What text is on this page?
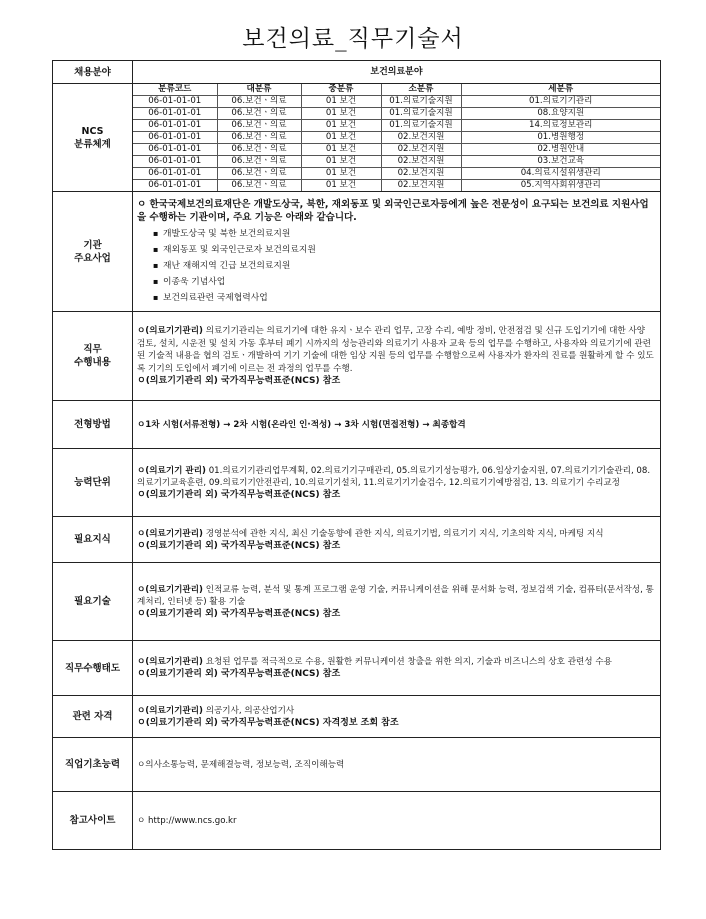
보건의료_직무기술서
채용분야	보건의료분야
NCS
분류체계	
분류코드	대분류	중분류	소분류	세분류
06-01-01-01	06.보건ㆍ의료	01 보건	01.의료기술지원	01.의료기기관리
06-01-01-01	06.보건ㆍ의료	01 보건	01.의료기술지원	08.요양지원
06-01-01-01	06.보건ㆍ의료	01 보건	01.의료기술지원	14.의료정보관리
06-01-01-01	06.보건ㆍ의료	01 보건	02.보건지원	01.병원행정
06-01-01-01	06.보건ㆍ의료	01 보건	02.보건지원	02.병원안내
06-01-01-01	06.보건ㆍ의료	01 보건	02.보건지원	03.보건교육
06-01-01-01	06.보건ㆍ의료	01 보건	02.보건지원	04.의료시설위생관리
06-01-01-01	06.보건ㆍ의료	01 보건	02.보건지원	05.지역사회위생관리

기관
주요사업

ㅇ 한국국제보건의료재단은 개발도상국, 북한, 재외동포 및 외국인근로자등에게 높은 전문성이 요구되는 보건의료 지원사업을 수행하는 기관이며, 주요 기능은 아래와 같습니다.
▪ 개발도상국 및 북한 보건의료지원
▪ 재외동포 및 외국인근로자 보건의료지원
▪ 재난 재해지역 긴급 보건의료지원
▪ 이종욱 기념사업
▪ 보건의료관련 국제협력사업

직무
수행내용

ㅇ(의료기기관리) 의료기기관리는 의료기기에 대한 유지ㆍ보수 관리 업무, 고장 수리, 예방 정비, 안전점검 및 신규 도입기기에 대한 사양 검토, 설치, 시운전 및 설치 가동 후부터 폐기 시까지의 성능관리와 의료기기 사용자 교육 등의 업무를 수행하고, 사용자와 의료기기에 관련된 기술적 내용을 협의 검토ㆍ개발하여 기기 기술에 대한 임상 지원 등의 업무를 수행함으로써 사용자가 환자의 진료를 원활하게 할 수 있도록 기기의 도입에서 폐기에 이르는 전 과정의 업무를 수행.
ㅇ(의료기기관리 외) 국가직무능력표준(NCS) 참조

전형방법	ㅇ1차 시험(서류전형) → 2차 시험(온라인 인·적성) → 3차 시험(면접전형) → 최종합격
능력단위	
ㅇ(의료기기 관리) 01.의료기기관리업무계획, 02.의료기기구매관리, 05.의료기기성능평가, 06.임상기술지원, 07.의료기기기술관리, 08.의료기기교육훈련, 09.의료기기안전관리, 10.의료기기설치, 11.의료기기기술검수, 12.의료기기예방점검, 13. 의료기기 수리교정
ㅇ(의료기기관리 외) 국가직무능력표준(NCS) 참조

필요지식	
ㅇ(의료기기관리) 경영분석에 관한 지식, 최신 기술동향에 관한 지식, 의료기기법, 의료기기 지식, 기초의학 지식, 마케팅 지식
ㅇ(의료기기관리 외) 국가직무능력표준(NCS) 참조

필요기술	
ㅇ(의료기기관리) 인적교류 능력, 분석 및 통계 프로그램 운영 기술, 커뮤니케이션을 위해 문서화 능력, 정보검색 기술, 컴퓨터(문서작성, 통계처리, 인터넷 등) 활용 기술
ㅇ(의료기기관리 외) 국가직무능력표준(NCS) 참조

직무수행태도	
ㅇ(의료기기관리) 요청된 업무를 적극적으로 수용, 원활한 커뮤니케이션 창출을 위한 의지, 기술과 비즈니스의 상호 관련성 수용
ㅇ(의료기기관리 외) 국가직무능력표준(NCS) 참조

관련 자격	
ㅇ(의료기기관리) 의공기사, 의공산업기사
ㅇ(의료기기관리 외) 국가직무능력표준(NCS) 자격정보 조회 참조

직업기초능력	ㅇ의사소통능력, 문제해결능력, 정보능력, 조직이해능력
참고사이트	ㅇ http://www.ncs.go.kr
